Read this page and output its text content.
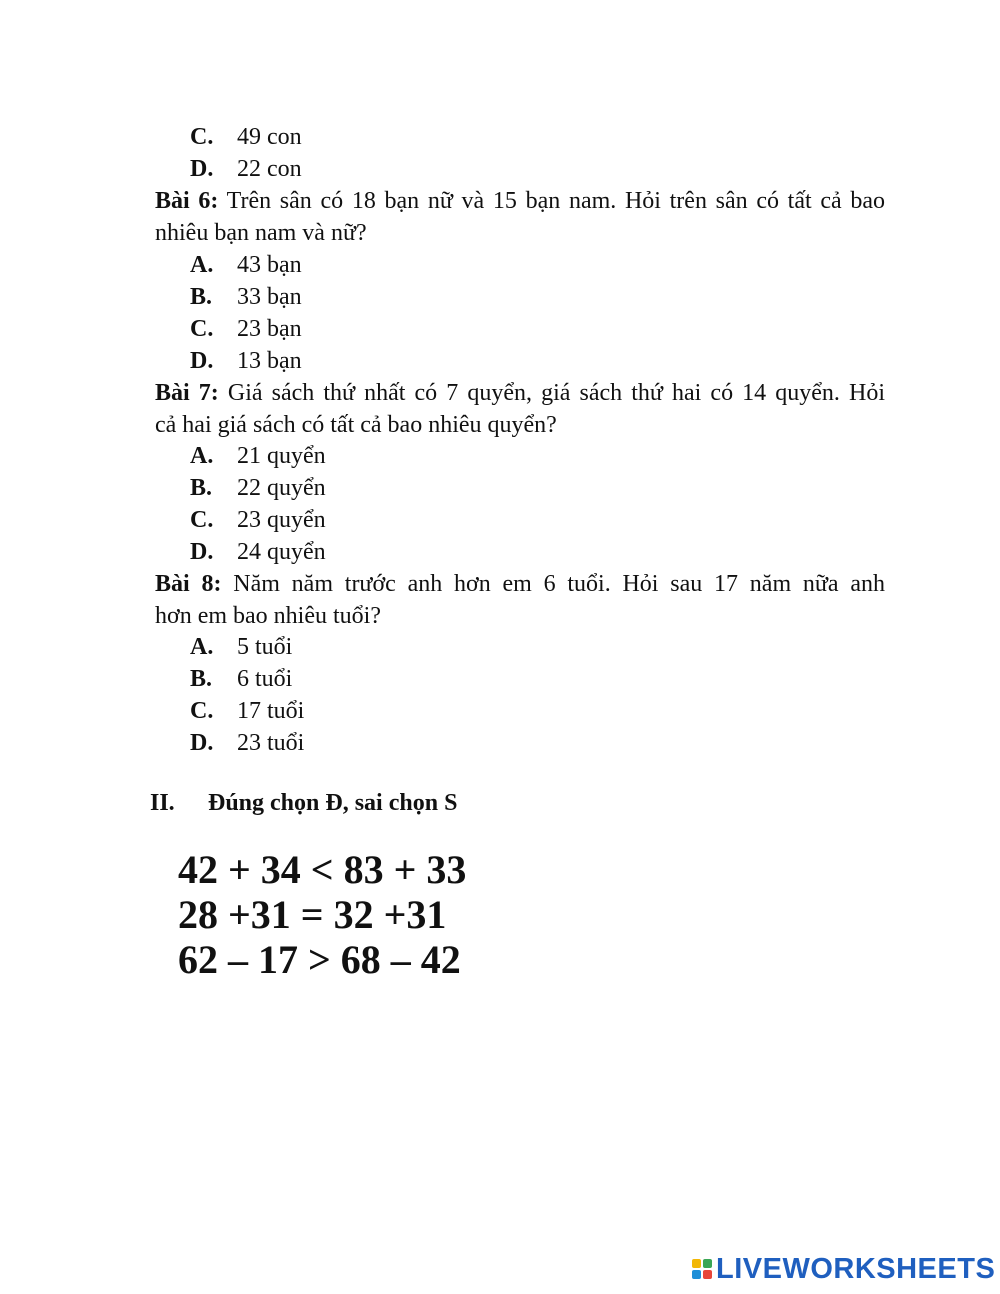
C. 49 con
D. 22 con
Bài 6: Trên sân có 18 bạn nữ và 15 bạn nam. Hỏi trên sân có tất cả bao
nhiêu bạn nam và nữ?
A. 43 bạn
B. 33 bạn
C. 23 bạn
D. 13 bạn
Bài 7: Giá sách thứ nhất có 7 quyển, giá sách thứ hai có 14 quyển. Hỏi
cả hai giá sách có tất cả bao nhiêu quyển?
A. 21 quyển
B. 22 quyển
C. 23 quyển
D. 24 quyển
Bài 8: Năm năm trước anh hơn em 6 tuổi. Hỏi sau 17 năm nữa anh
hơn em bao nhiêu tuổi?
A. 5 tuổi
B. 6 tuổi
C. 17 tuổi
D. 23 tuổi
II. Đúng chọn Đ, sai chọn S
42 + 34 < 83 + 33
28 +31 = 32 +31
62 – 17 > 68 – 42
LIVEWORKSHEETS
